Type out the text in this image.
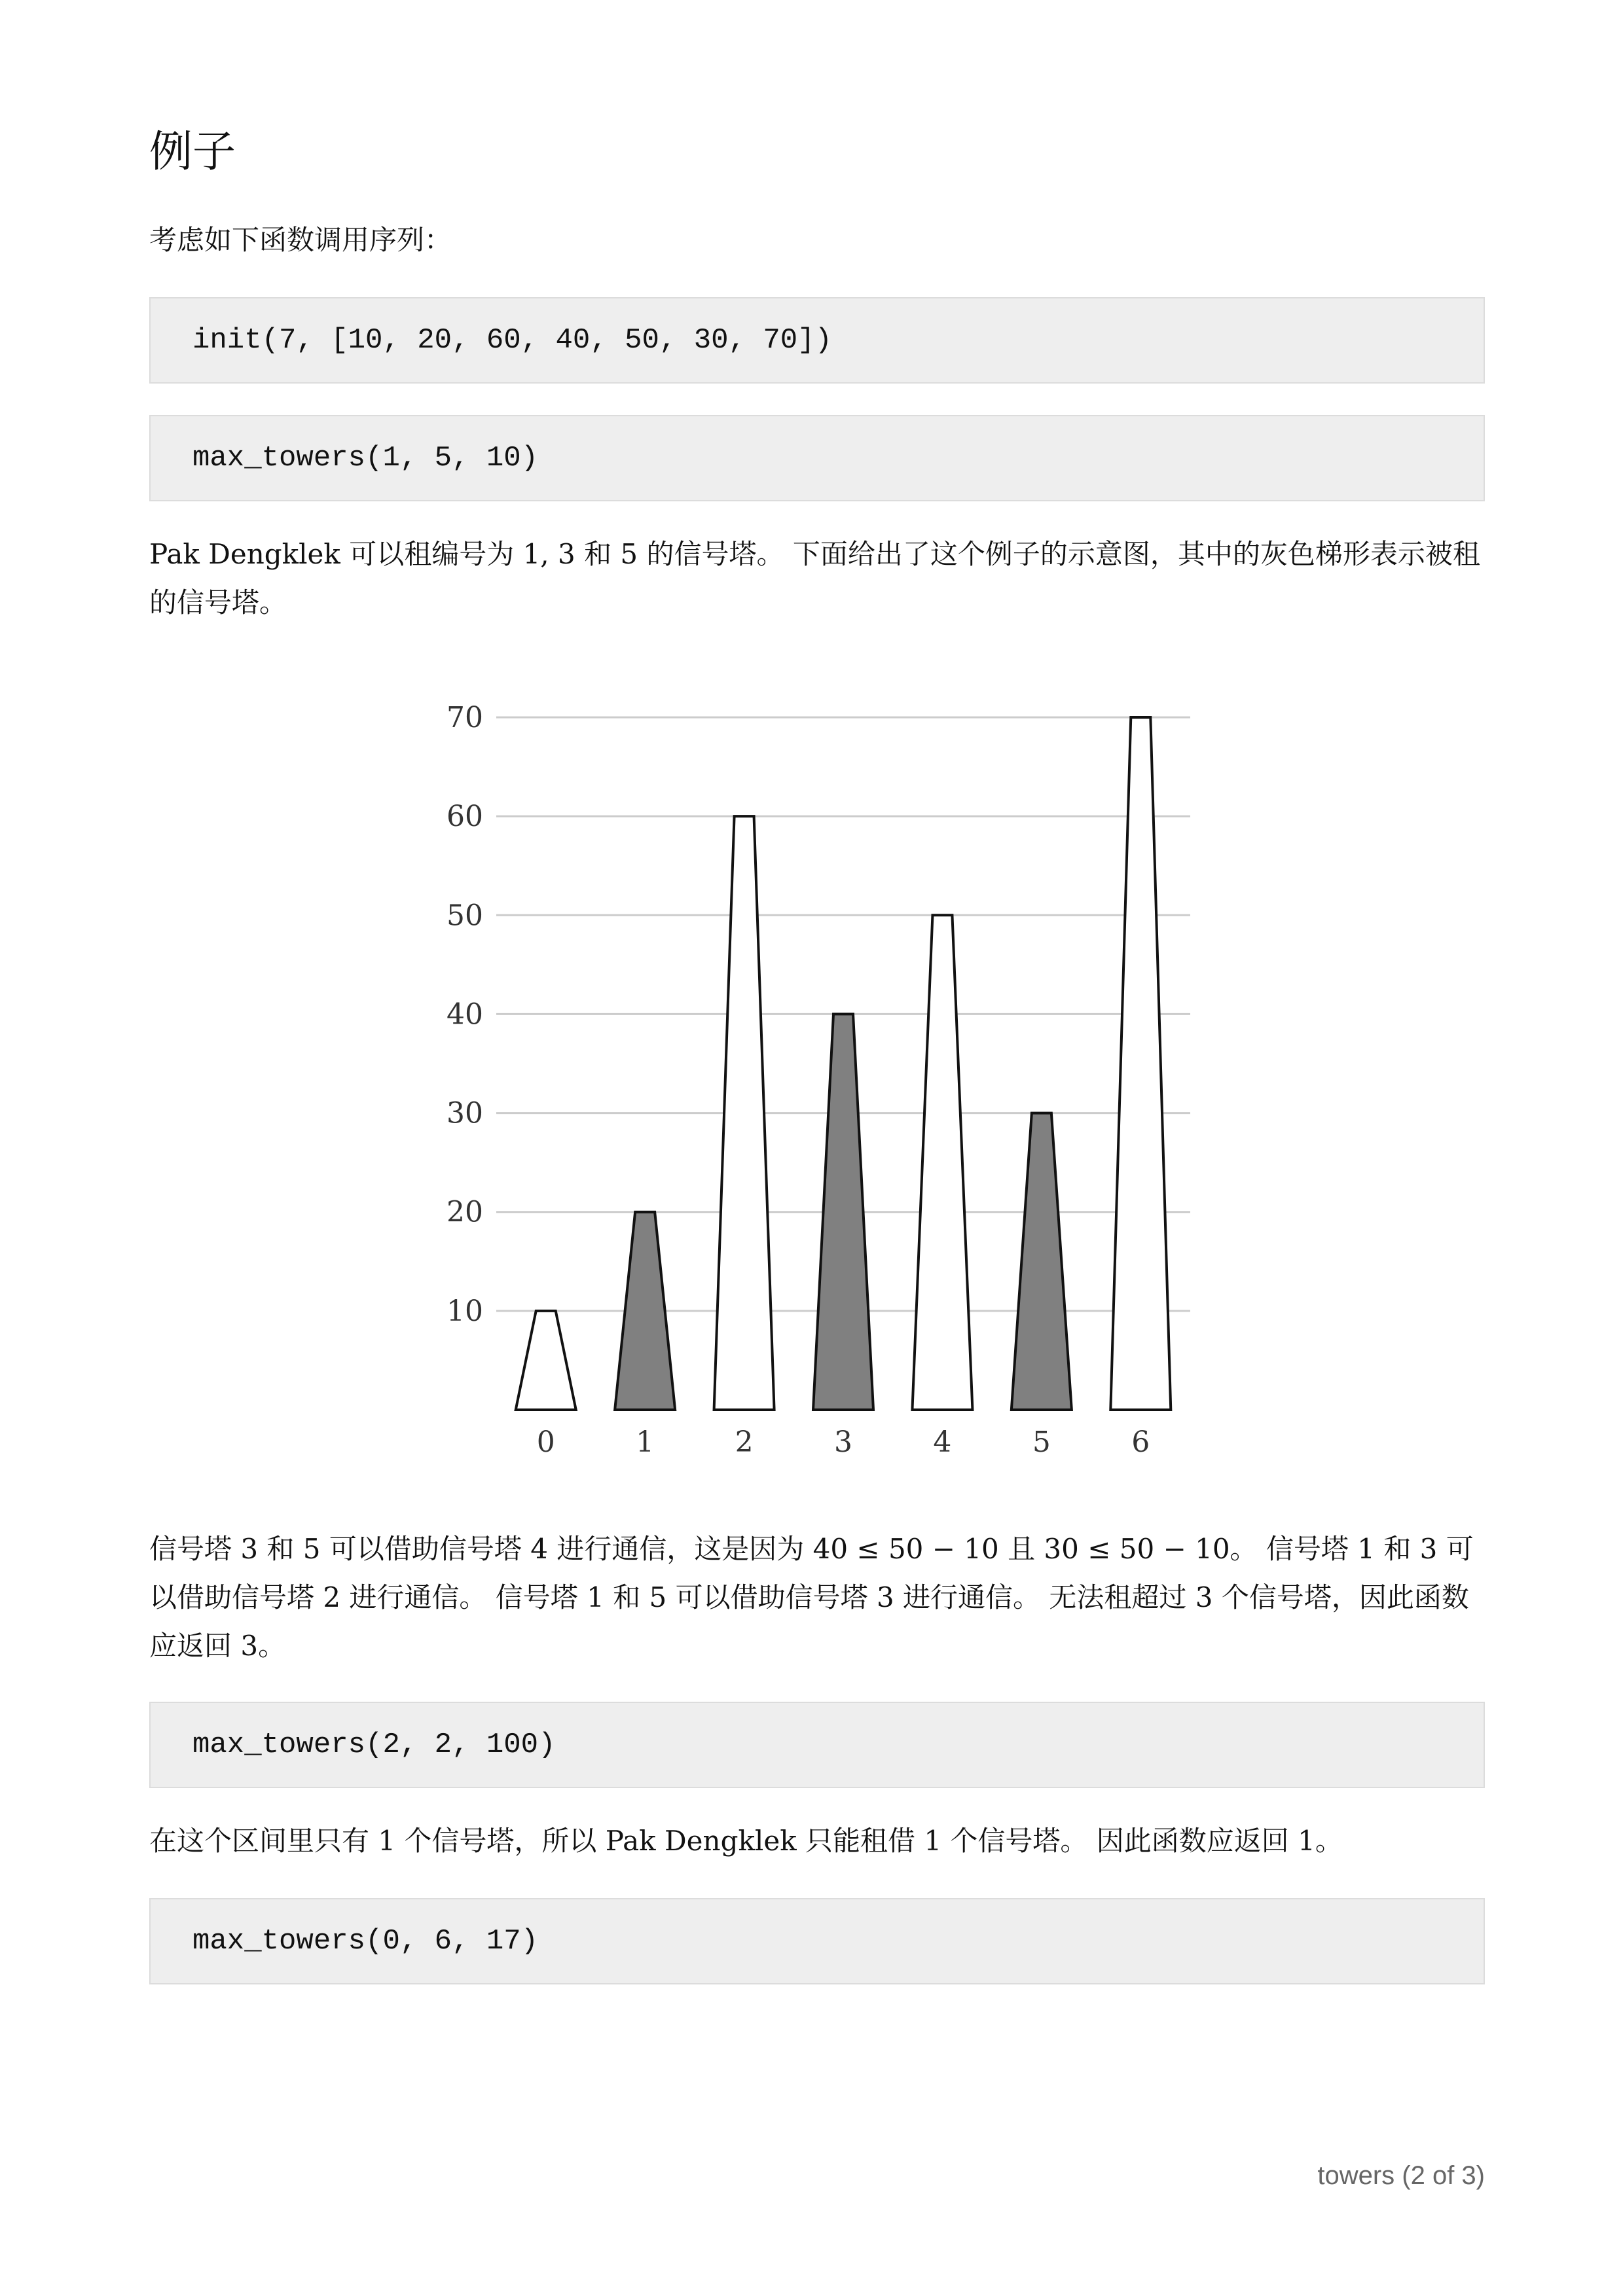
例子

考虑如下函数调用序列：

init(7, [10, 20, 60, 40, 50, 30, 70])
max_towers(1, 5, 10)

Pak Dengklek 可以租编号为 1, 3 和 5 的信号塔。 下面给出了这个例子的示意图，其中的灰色梯形表示被租的信号塔。

10
20
30
40
50
60
70
0	1	2	3	4	5	6

信号塔 3 和 5 可以借助信号塔 4 进行通信，这是因为 40 ≤ 50 − 10 且 30 ≤ 50 − 10。 信号塔 1 和 3 可以借助信号塔 2 进行通信。 信号塔 1 和 5 可以借助信号塔 3 进行通信。 无法租超过 3 个信号塔，因此函数应返回 3。

max_towers(2, 2, 100)

在这个区间里只有 1 个信号塔，所以 Pak Dengklek 只能租借 1 个信号塔。 因此函数应返回 1。

max_towers(0, 6, 17)
towers (2 of 3)
